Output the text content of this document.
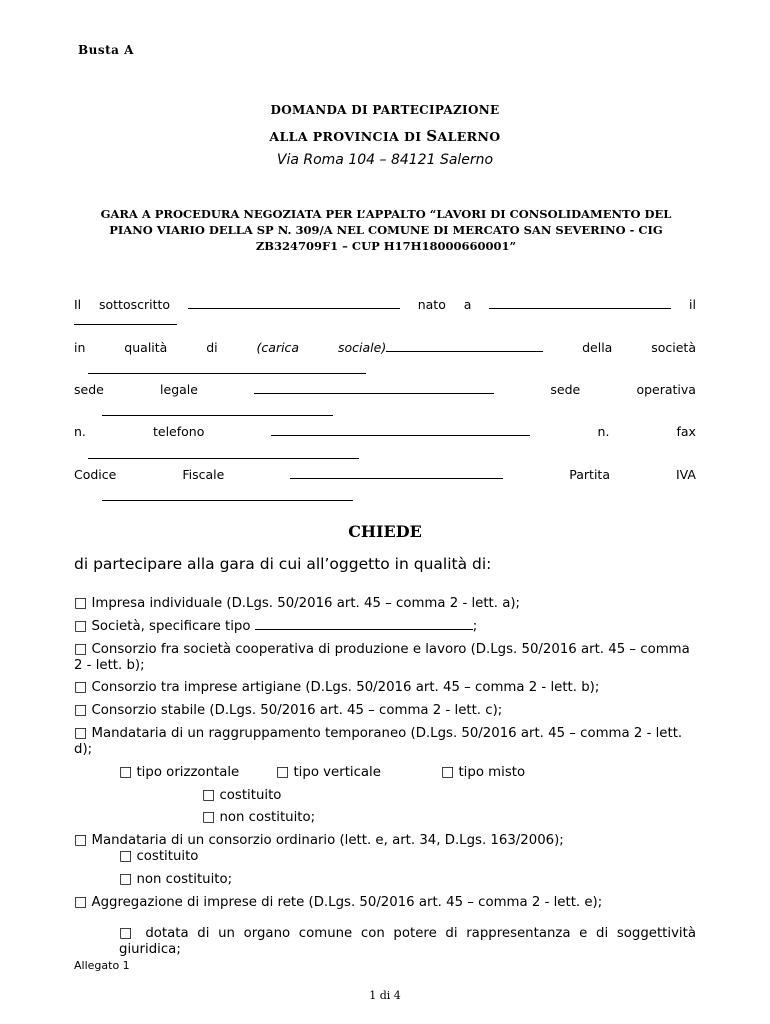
Busta A
DOMANDA DI PARTECIPAZIONE
ALLA PROVINCIA DI SALERNO
Via Roma 104 – 84121 Salerno
GARA A PROCEDURA NEGOZIATA PER L’APPALTO “LAVORI DI CONSOLIDAMENTO DEL PIANO VIARIO DELLA SP N. 309/A NEL COMUNE DI MERCATO SAN SEVERINO - CIG ZB324709F1 – CUP H17H18000660001”
Il sottoscritto	nato a	il
in	qualità	di	(carica	sociale)	della	società
sede	legale	sede	operativa
n.	telefono	n.	fax
Codice	Fiscale	Partita	IVA
CHIEDE
di partecipare alla gara di cui all’oggetto in qualità di:
□ Impresa individuale (D.Lgs. 50/2016 art. 45 – comma 2 - lett. a);
□ Società, specificare tipo	;
□ Consorzio fra società cooperativa di produzione e lavoro (D.Lgs. 50/2016 art. 45 – comma 2 - lett. b);
□ Consorzio tra imprese artigiane (D.Lgs. 50/2016 art. 45 – comma 2 - lett. b);
□ Consorzio stabile (D.Lgs. 50/2016 art. 45 – comma 2 - lett. c);
□ Mandataria di un raggruppamento temporaneo (D.Lgs. 50/2016 art. 45 – comma 2 - lett. d);
□ tipo orizzontale	□ tipo verticale	□ tipo misto
□ costituito
□ non costituito;
□ Mandataria di un consorzio ordinario (lett. e, art. 34, D.Lgs. 163/2006);
□ costituito
□ non costituito;
□ Aggregazione di imprese di rete (D.Lgs. 50/2016 art. 45 – comma 2 - lett. e);
□ dotata di un organo comune con potere di rappresentanza e di soggettività giuridica;
Allegato 1
1 di 4
